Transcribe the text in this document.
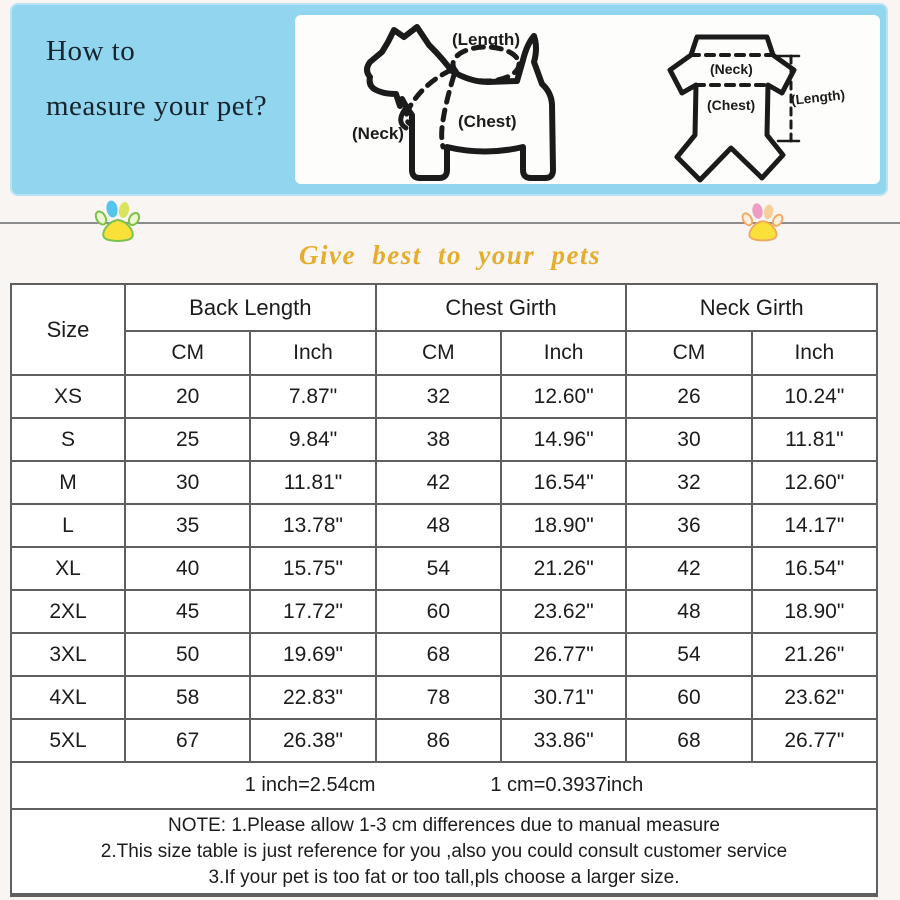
How to
measure your pet?
(Length)
(Neck)
(Chest)
(Neck)
(Chest)	(Length)
Give best to your pets
Size	Back Length		Chest Girth		Neck Girth	
	CM	Inch	CM	Inch	CM	Inch
XS	20	7.87"	32	12.60"	26	10.24"
S	25	9.84"	38	14.96"	30	11.81"
M	30	11.81"	42	16.54"	32	12.60"
L	35	13.78"	48	18.90"	36	14.17"
XL	40	15.75"	54	21.26"	42	16.54"
2XL	45	17.72"	60	23.62"	48	18.90"
3XL	50	19.69"	68	26.77"	54	21.26"
4XL	58	22.83"	78	30.71"	60	23.62"
5XL	67	26.38"	86	33.86"	68	26.77"
1 inch=2.54cm 1 cm=0.3937inch						

NOTE: 1.Please allow 1-3 cm differences due to manual measure
2.This size table is just reference for you ,also you could consult customer service
3.If your pet is too fat or too tall,pls choose a larger size.						
